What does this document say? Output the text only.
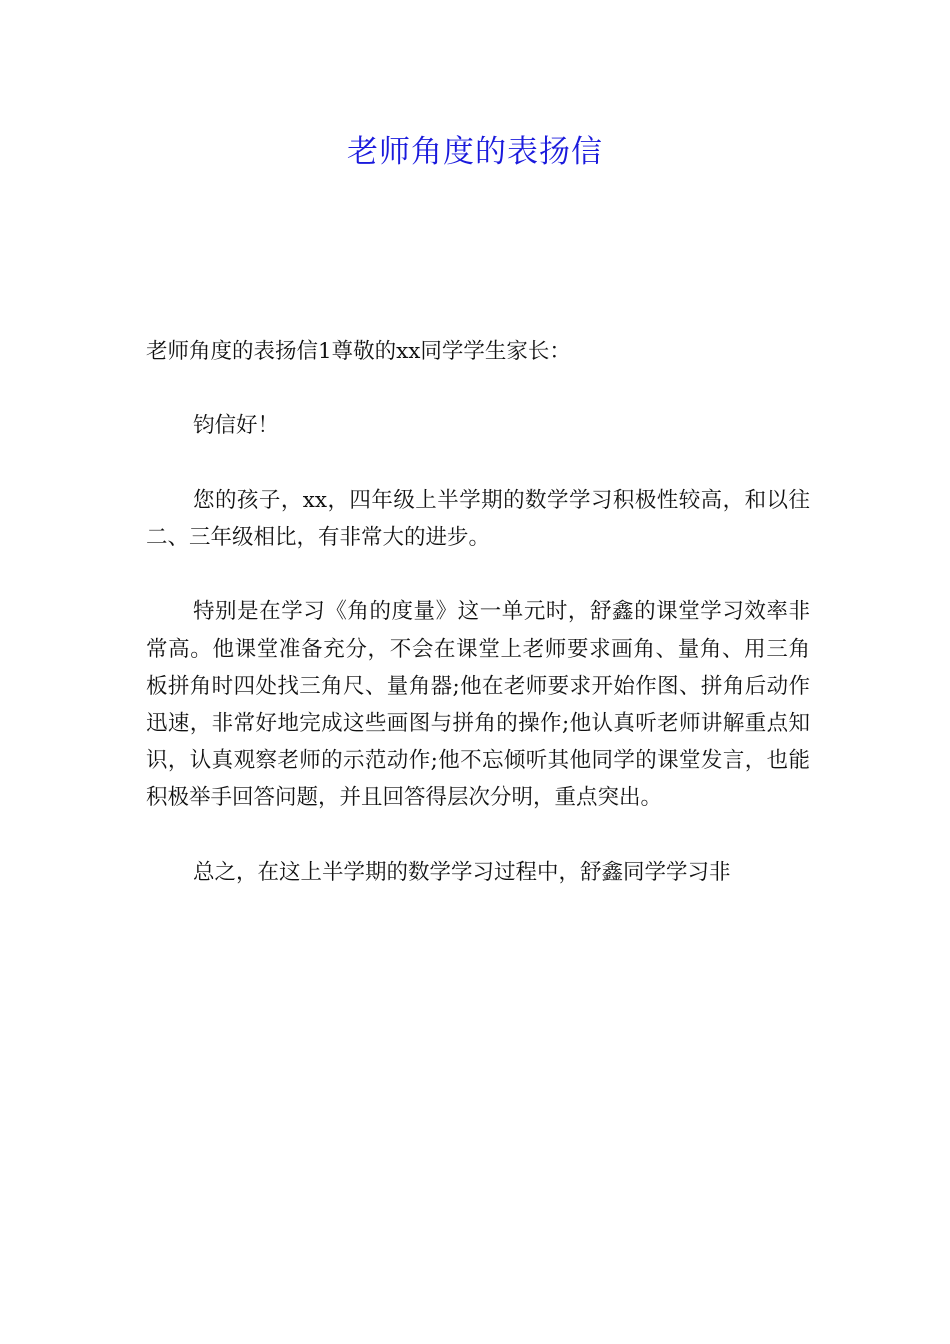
老师角度的表扬信

老师角度的表扬信1尊敬的xx同学学生家长：

钧信好！

您的孩子，xx，四年级上半学期的数学学习积极性较高，和以往二、三年级相比，有非常大的进步。

特别是在学习《角的度量》这一单元时，舒鑫的课堂学习效率非常高。他课堂准备充分，不会在课堂上老师要求画角、量角、用三角板拼角时四处找三角尺、量角器;他在老师要求开始作图、拼角后动作迅速，非常好地完成这些画图与拼角的操作;他认真听老师讲解重点知识，认真观察老师的示范动作;他不忘倾听其他同学的课堂发言，也能积极举手回答问题，并且回答得层次分明，重点突出。

总之，在这上半学期的数学学习过程中，舒鑫同学学习非
